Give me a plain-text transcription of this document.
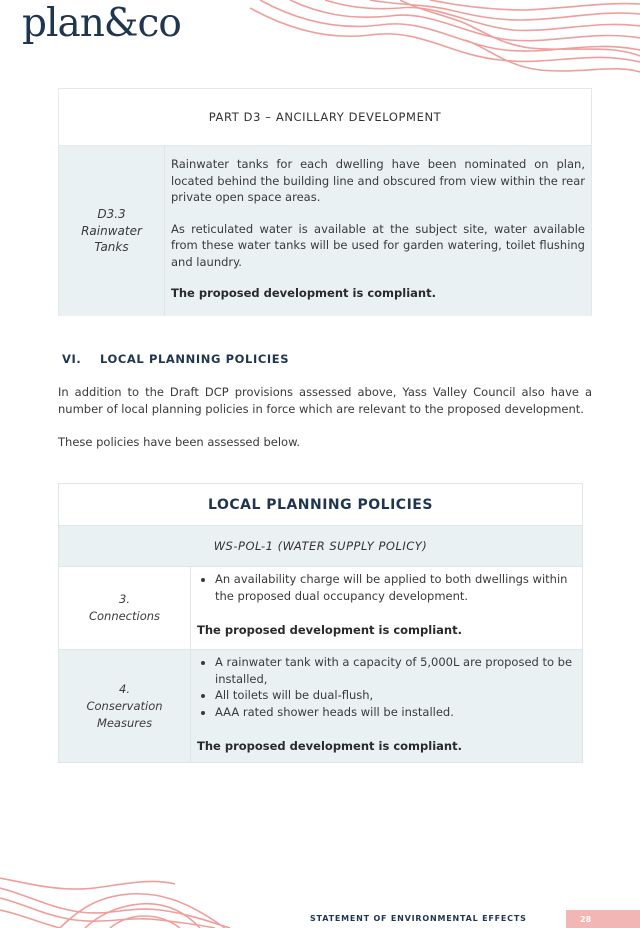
plan&co
PART D3 – ANCILLARY DEVELOPMENT
D3.3
Rainwater
Tanks

Rainwater tanks for each dwelling have been nominated on plan, located behind the building line and obscured from view within the rear private open space areas.

As reticulated water is available at the subject site, water available from these water tanks will be used for garden watering, toilet flushing and laundry.

The proposed development is compliant.

VI. LOCAL PLANNING POLICIES
In addition to the Draft DCP provisions assessed above, Yass Valley Council also have a number of local planning policies in force which are relevant to the proposed development.
These policies have been assessed below.
LOCAL PLANNING POLICIES
WS-POL-1 (WATER SUPPLY POLICY)
3.
Connections
• An availability charge will be applied to both dwellings within the proposed dual occupancy development.
The proposed development is compliant.
4.
Conservation
Measures
• A rainwater tank with a capacity of 5,000L are proposed to be installed,
• All toilets will be dual-flush,
• AAA rated shower heads will be installed.
The proposed development is compliant.
STATEMENT OF ENVIRONMENTAL EFFECTS	28
